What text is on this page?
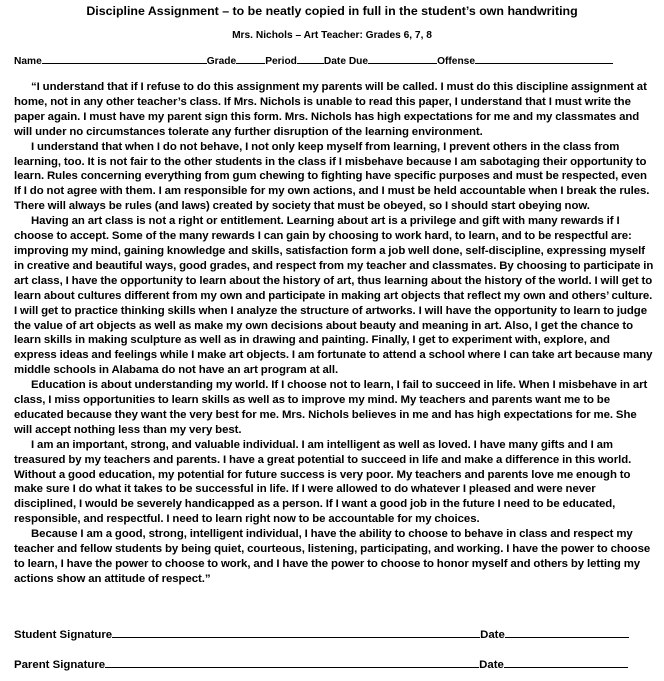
Discipline Assignment – to be neatly copied in full in the student’s own handwriting
Mrs. Nichols – Art Teacher: Grades 6, 7, 8
Name	Grade	Period	Date Due	Offense

“I understand that if I refuse to do this assignment my parents will be called. I must do this discipline assignment at home, not in any other teacher’s class. If Mrs. Nichols is unable to read this paper, I understand that I must write the paper again. I must have my parent sign this form. Mrs. Nichols has high expectations for me and my classmates and will under no circumstances tolerate any further disruption of the learning environment.

I understand that when I do not behave, I not only keep myself from learning, I prevent others in the class from learning, too. It is not fair to the other students in the class if I misbehave because I am sabotaging their opportunity to learn. Rules concerning everything from gum chewing to fighting have specific purposes and must be respected, even If I do not agree with them. I am responsible for my own actions, and I must be held accountable when I break the rules. There will always be rules (and laws) created by society that must be obeyed, so I should start obeying now.

Having an art class is not a right or entitlement. Learning about art is a privilege and gift with many rewards if I choose to accept. Some of the many rewards I can gain by choosing to work hard, to learn, and to be respectful are: improving my mind, gaining knowledge and skills, satisfaction form a job well done, self-discipline, expressing myself in creative and beautiful ways, good grades, and respect from my teacher and classmates. By choosing to participate in art class, I have the opportunity to learn about the history of art, thus learning about the history of the world. I will get to learn about cultures different from my own and participate in making art objects that reflect my own and others’ culture. I will get to practice thinking skills when I analyze the structure of artworks. I will have the opportunity to learn to judge the value of art objects as well as make my own decisions about beauty and meaning in art. Also, I get the chance to learn skills in making sculpture as well as in drawing and painting. Finally, I get to experiment with, explore, and express ideas and feelings while I make art objects. I am fortunate to attend a school where I can take art because many middle schools in Alabama do not have an art program at all.

Education is about understanding my world. If I choose not to learn, I fail to succeed in life. When I misbehave in art class, I miss opportunities to learn skills as well as to improve my mind. My teachers and parents want me to be educated because they want the very best for me. Mrs. Nichols believes in me and has high expectations for me. She will accept nothing less than my very best.

I am an important, strong, and valuable individual. I am intelligent as well as loved. I have many gifts and I am treasured by my teachers and parents. I have a great potential to succeed in life and make a difference in this world. Without a good education, my potential for future success is very poor. My teachers and parents love me enough to make sure I do what it takes to be successful in life. If I were allowed to do whatever I pleased and were never disciplined, I would be severely handicapped as a person. If I want a good job in the future I need to be educated, responsible, and respectful. I need to learn right now to be accountable for my choices.

Because I am a good, strong, intelligent individual, I have the ability to choose to behave in class and respect my teacher and fellow students by being quiet, courteous, listening, participating, and working. I have the power to choose to learn, I have the power to choose to work, and I have the power to choose to honor myself and others by letting my actions show an attitude of respect.”

Student Signature	Date
Parent Signature	Date
